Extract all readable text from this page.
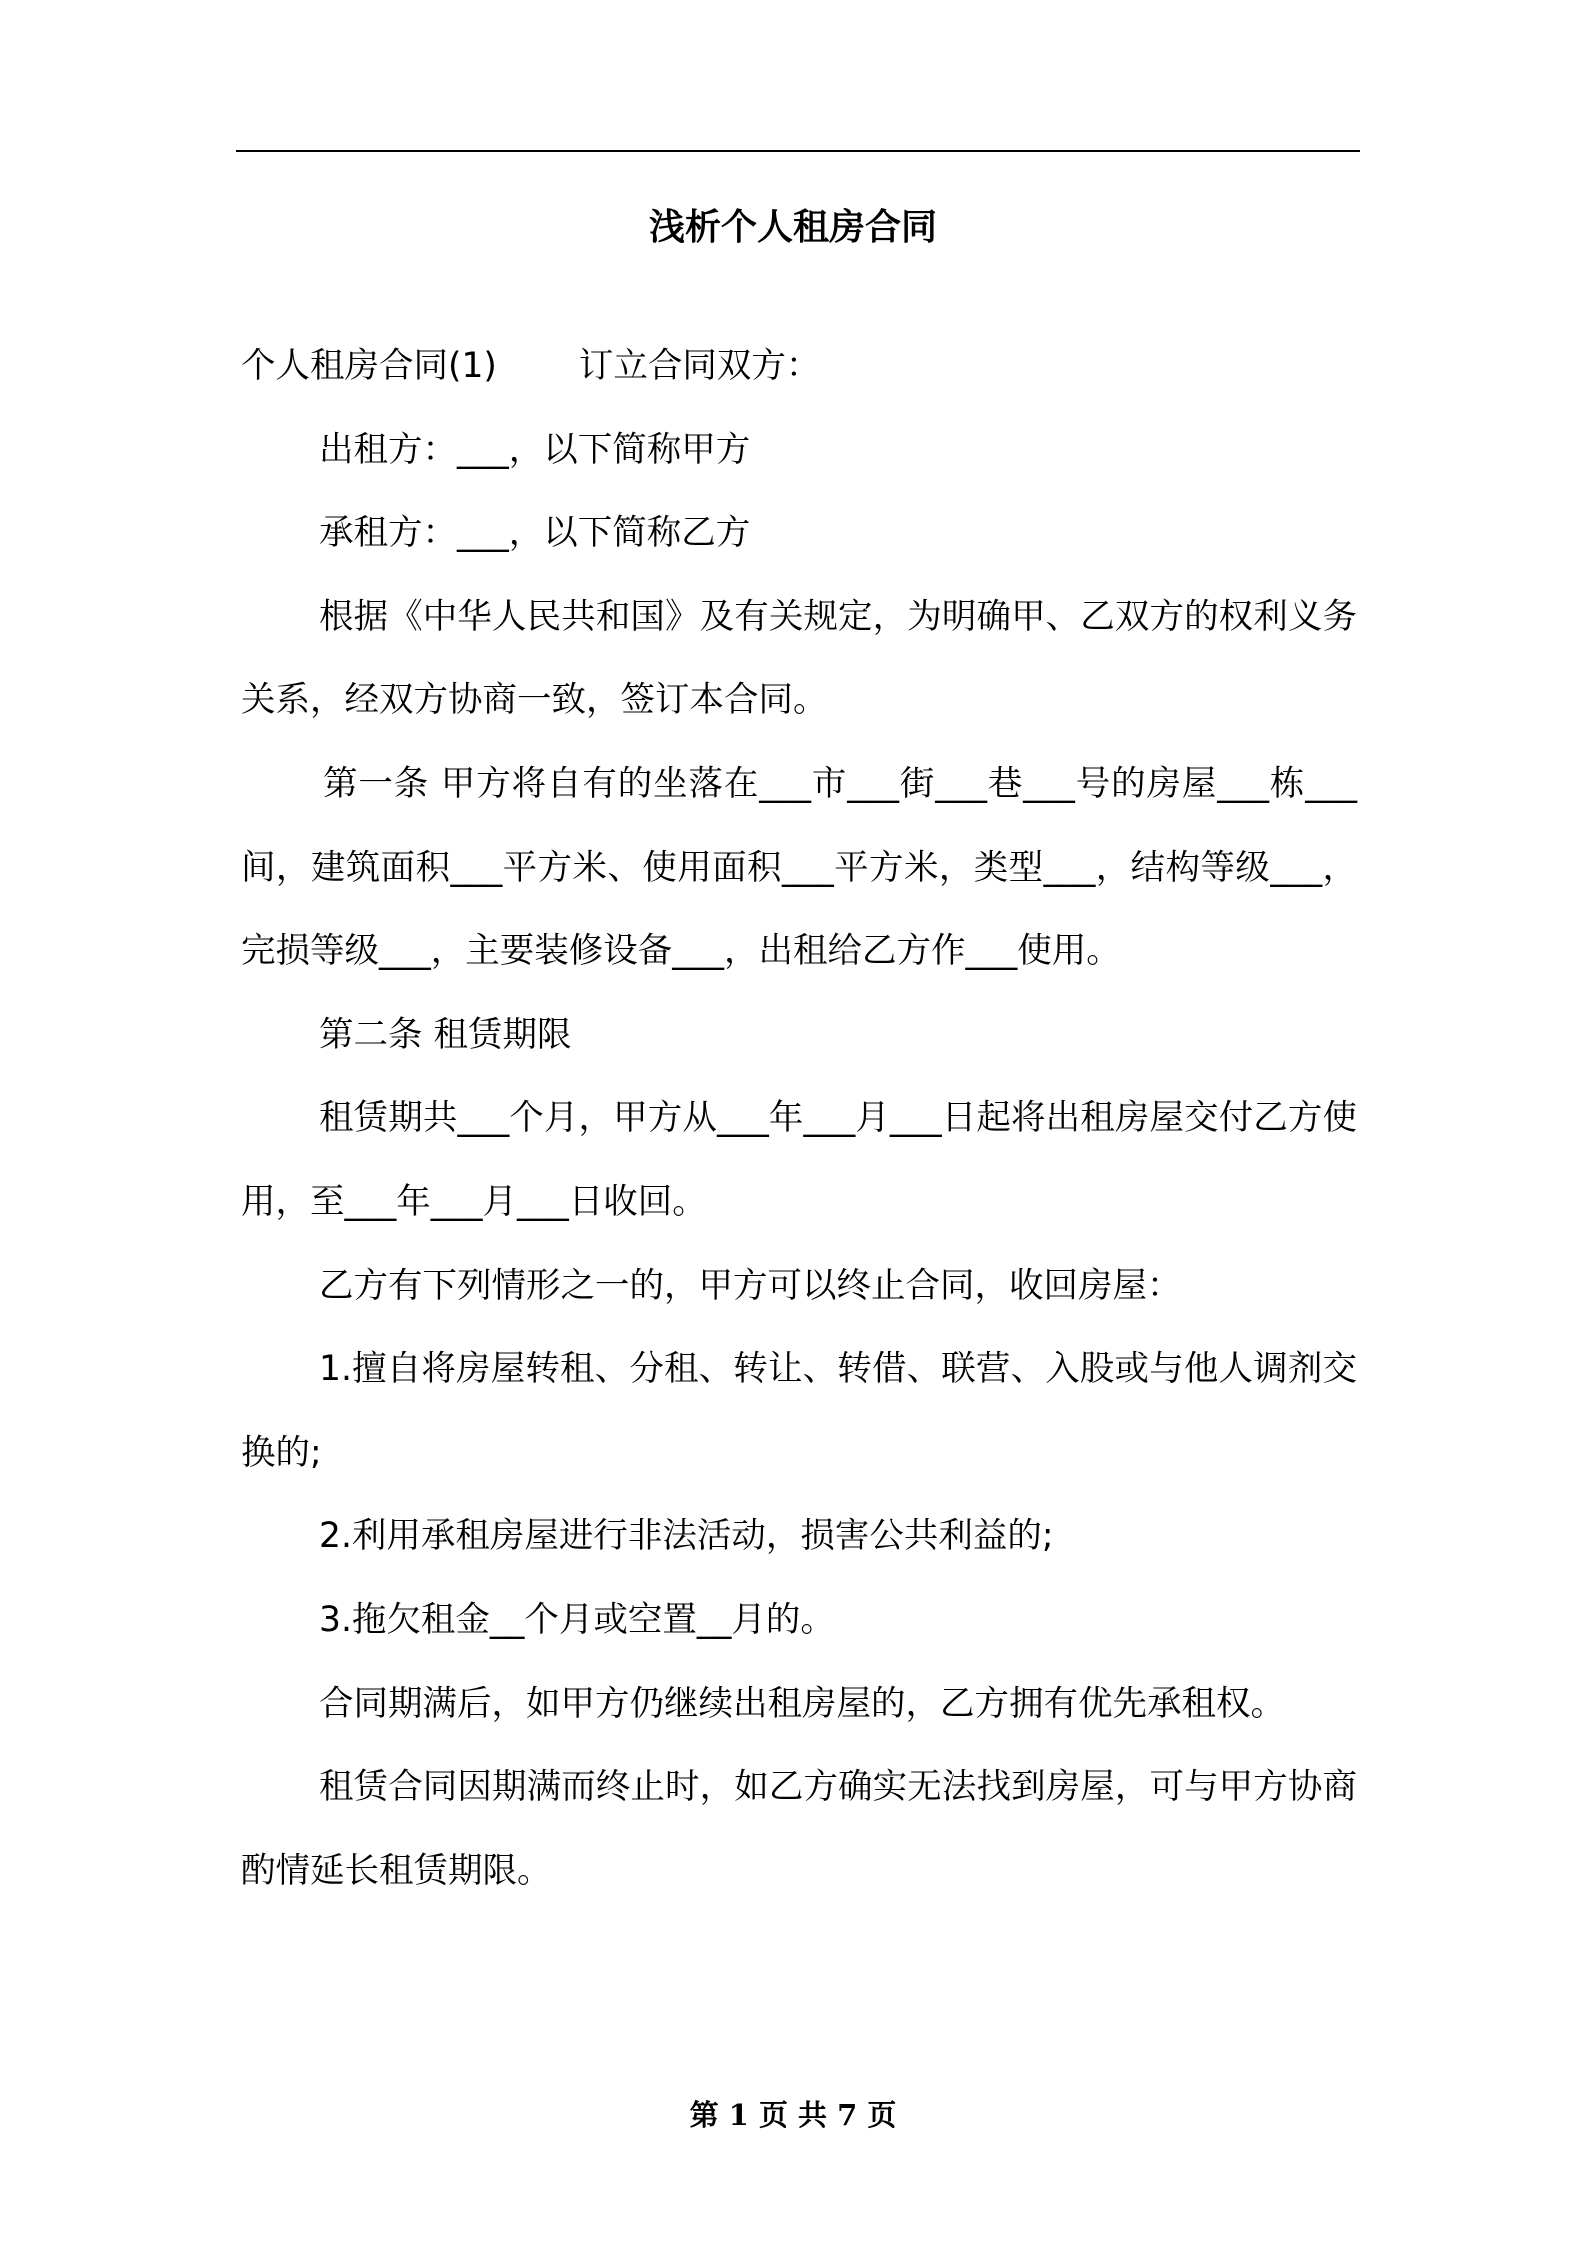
浅析个人租房合同

个人租房合同(1) 订立合同双方：

出租方：___，以下简称甲方

承租方：___，以下简称乙方

根据《中华人民共和国》及有关规定，为明确甲、乙双方的权利义务关系，经双方协商一致，签订本合同。

第一条 甲方将自有的坐落在___市___街___巷___号的房屋___栋___间，建筑面积___平方米、使用面积___平方米，类型___，结构等级___，完损等级___，主要装修设备___，出租给乙方作___使用。

第二条 租赁期限

租赁期共___个月，甲方从___年___月___日起将出租房屋交付乙方使用，至___年___月___日收回。

乙方有下列情形之一的，甲方可以终止合同，收回房屋：

1.擅自将房屋转租、分租、转让、转借、联营、入股或与他人调剂交换的;

2.利用承租房屋进行非法活动，损害公共利益的;

3.拖欠租金__个月或空置__月的。

合同期满后，如甲方仍继续出租房屋的，乙方拥有优先承租权。

租赁合同因期满而终止时，如乙方确实无法找到房屋，可与甲方协商酌情延长租赁期限。

第 1 页 共 7 页
